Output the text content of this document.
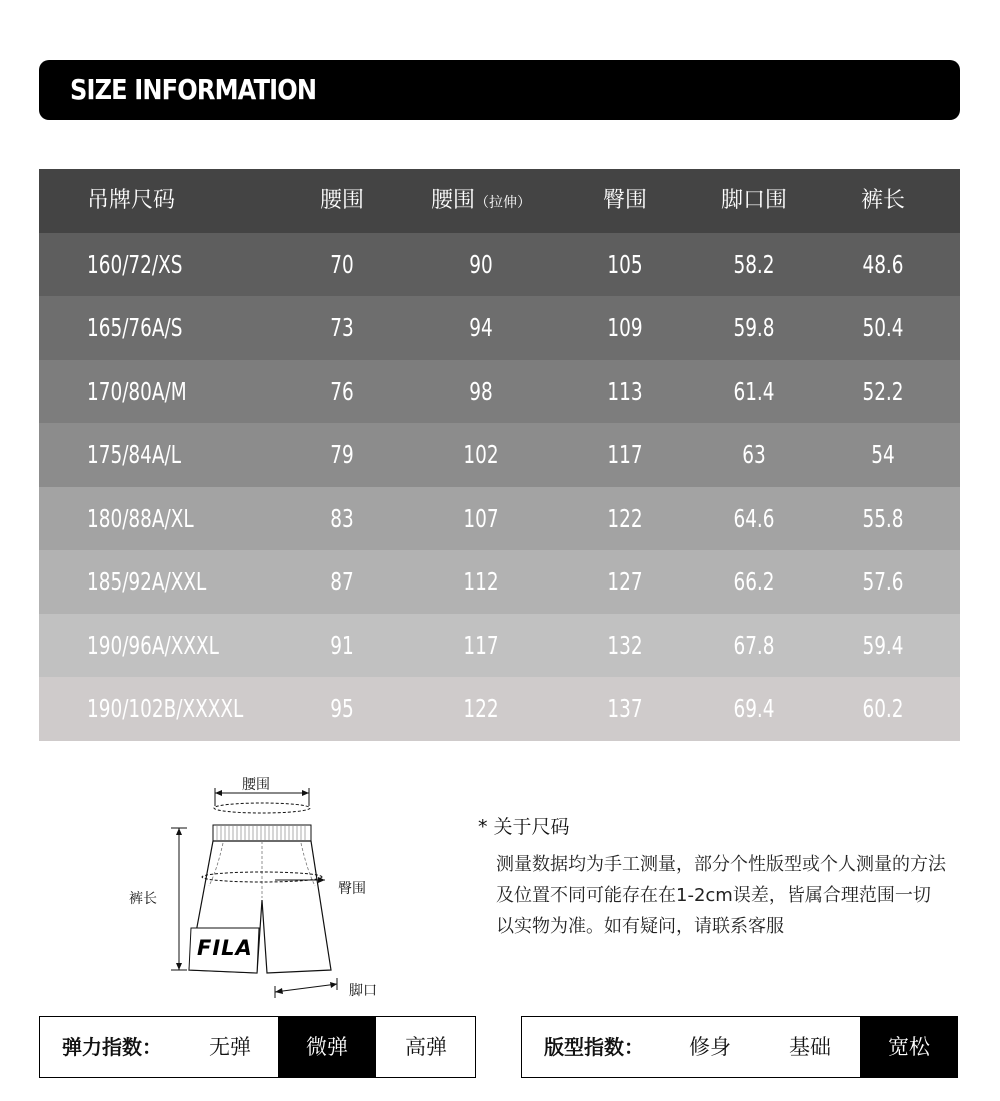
SIZE INFORMATION
吊牌尺码	腰围	腰围（拉伸）	臀围	脚口围	裤长
160/72/XS	70	90	105	58.2	48.6
165/76A/S	73	94	109	59.8	50.4
170/80A/M	76	98	113	61.4	52.2
175/84A/L	79	102	117	63	54
180/88A/XL	83	107	122	64.6	55.8
185/92A/XXL	87	112	127	66.2	57.6
190/96A/XXXL	91	117	132	67.8	59.4
190/102B/XXXXL	95	122	137	69.4	60.2
腰围
臀围
裤长
脚口
FILA
* 关于尺码
测量数据均为手工测量，部分个性版型或个人测量的方法及位置不同可能存在在1-2cm误差，皆属合理范围一切以实物为准。如有疑问，请联系客服
弹力指数：	无弹	微弹	高弹	版型指数：	修身	基础	宽松
